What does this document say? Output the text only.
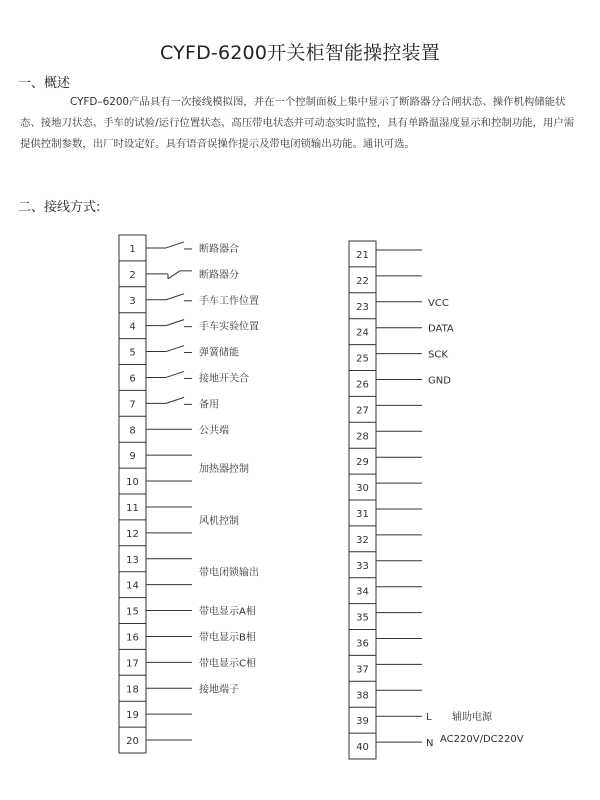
CYFD-6200开关柜智能操控装置
一、概述
CYFD–6200产品具有一次接线模拟图，并在一个控制面板上集中显示了断路器分合闸状态、操作机构储能状态、接地刀状态、手车的试验/运行位置状态、高压带电状态并可动态实时监控，具有单路温湿度显示和控制功能，用户需提供控制参数，出厂时设定好。具有语音误操作提示及带电闭锁输出功能。通讯可选。
二、接线方式:
1
2
3
4
5
6
7
8
9
10
11
12
13
14
15
16
17
18
19
20
断路器合
断路器分
手车工作位置
手车实验位置
弹簧储能
接地开关合
备用
公共端
加热器控制
风机控制
带电闭锁输出
带电显示A相
带电显示B相
带电显示C相
接地端子
21
22
23
24
25
26
27
28
29
30
31
32
33
34
35
36
37
38
39
40
VCC
DATA
SCK
GND
L
N
辅助电源
AC220V/DC220V
